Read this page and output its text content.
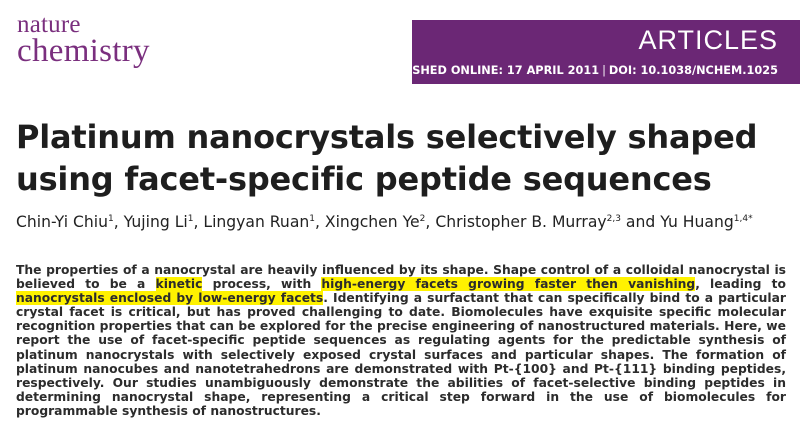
nature
chemistry	ARTICLES
PUBLISHED ONLINE: 17 APRIL 2011 | DOI: 10.1038/NCHEM.1025
Platinum nanocrystals selectively shaped using facet-specific peptide sequences
Chin-Yi Chiu$^1$, Yujing Li$^1$, Lingyan Ruan$^1$, Xingchen Ye$^2$, Christopher B. Murray$^{2,3}$ and Yu Huang$^{1,4*}$

The properties of a nanocrystal are heavily influenced by its shape. Shape control of a colloidal nanocrystal is believed to be a kinetic process, with high-energy facets growing faster then vanishing, leading to nanocrystals enclosed by low-energy facets. Identifying a surfactant that can specifically bind to a particular crystal facet is critical, but has proved challenging to date. Biomolecules have exquisite specific molecular recognition properties that can be explored for the precise engineering of nanostructured materials. Here, we report the use of facet-specific peptide sequences as regulating agents for the predictable synthesis of platinum nanocrystals with selectively exposed crystal surfaces and particular shapes. The formation of platinum nanocubes and nanotetrahedrons are demonstrated with Pt-{100} and Pt-{111} binding peptides, respectively. Our studies unambiguously demonstrate the abilities of facet-selective binding peptides in determining nanocrystal shape, representing a critical step forward in the use of biomolecules for programmable synthesis of nanostructures.
